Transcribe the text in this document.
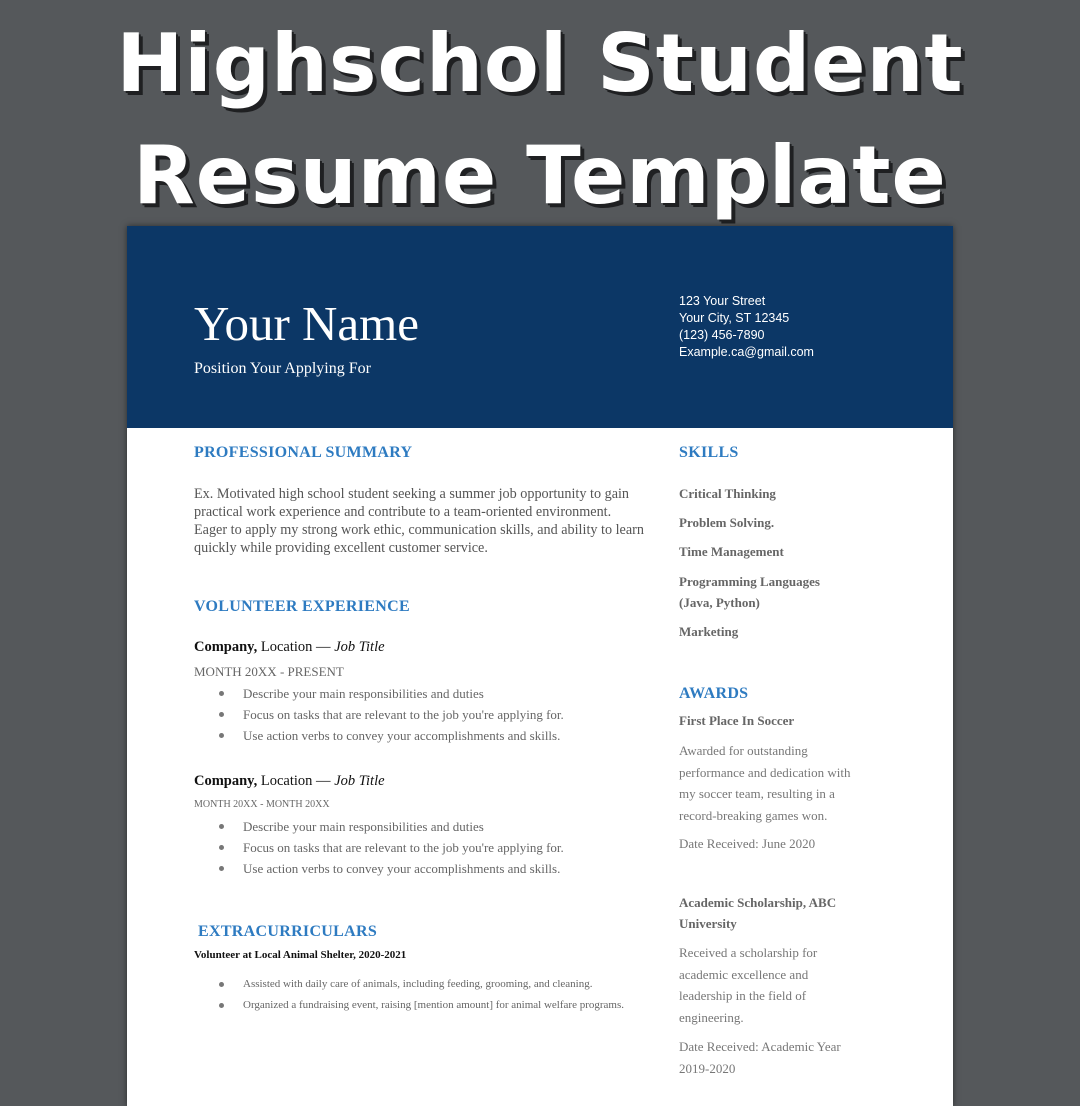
Highschol Student
Resume Template
Your Name
Position Your Applying For
123 Your Street
Your City, ST 12345
(123) 456-7890
Example.ca@gmail.com
PROFESSIONAL SUMMARY
Ex. Motivated high school student seeking a summer job opportunity to gain practical work experience and contribute to a team-oriented environment. Eager to apply my strong work ethic, communication skills, and ability to learn quickly while providing excellent customer service.
VOLUNTEER EXPERIENCE
Company, Location — Job Title
MONTH 20XX - PRESENT
Describe your main responsibilities and duties
Focus on tasks that are relevant to the job you're applying for.
Use action verbs to convey your accomplishments and skills.
Company, Location — Job Title
MONTH 20XX - MONTH 20XX
Describe your main responsibilities and duties
Focus on tasks that are relevant to the job you're applying for.
Use action verbs to convey your accomplishments and skills.
EXTRACURRICULARS
Volunteer at Local Animal Shelter, 2020-2021
Assisted with daily care of animals, including feeding, grooming, and cleaning.
Organized a fundraising event, raising [mention amount] for animal welfare programs.
SKILLS
Critical Thinking
Problem Solving.
Time Management
Programming Languages (Java, Python)
Marketing
AWARDS
First Place In Soccer
Awarded for outstanding performance and dedication with my soccer team, resulting in a record-breaking games won.
Date Received: June 2020
Academic Scholarship, ABC University
Received a scholarship for academic excellence and leadership in the field of engineering.
Date Received: Academic Year 2019-2020
